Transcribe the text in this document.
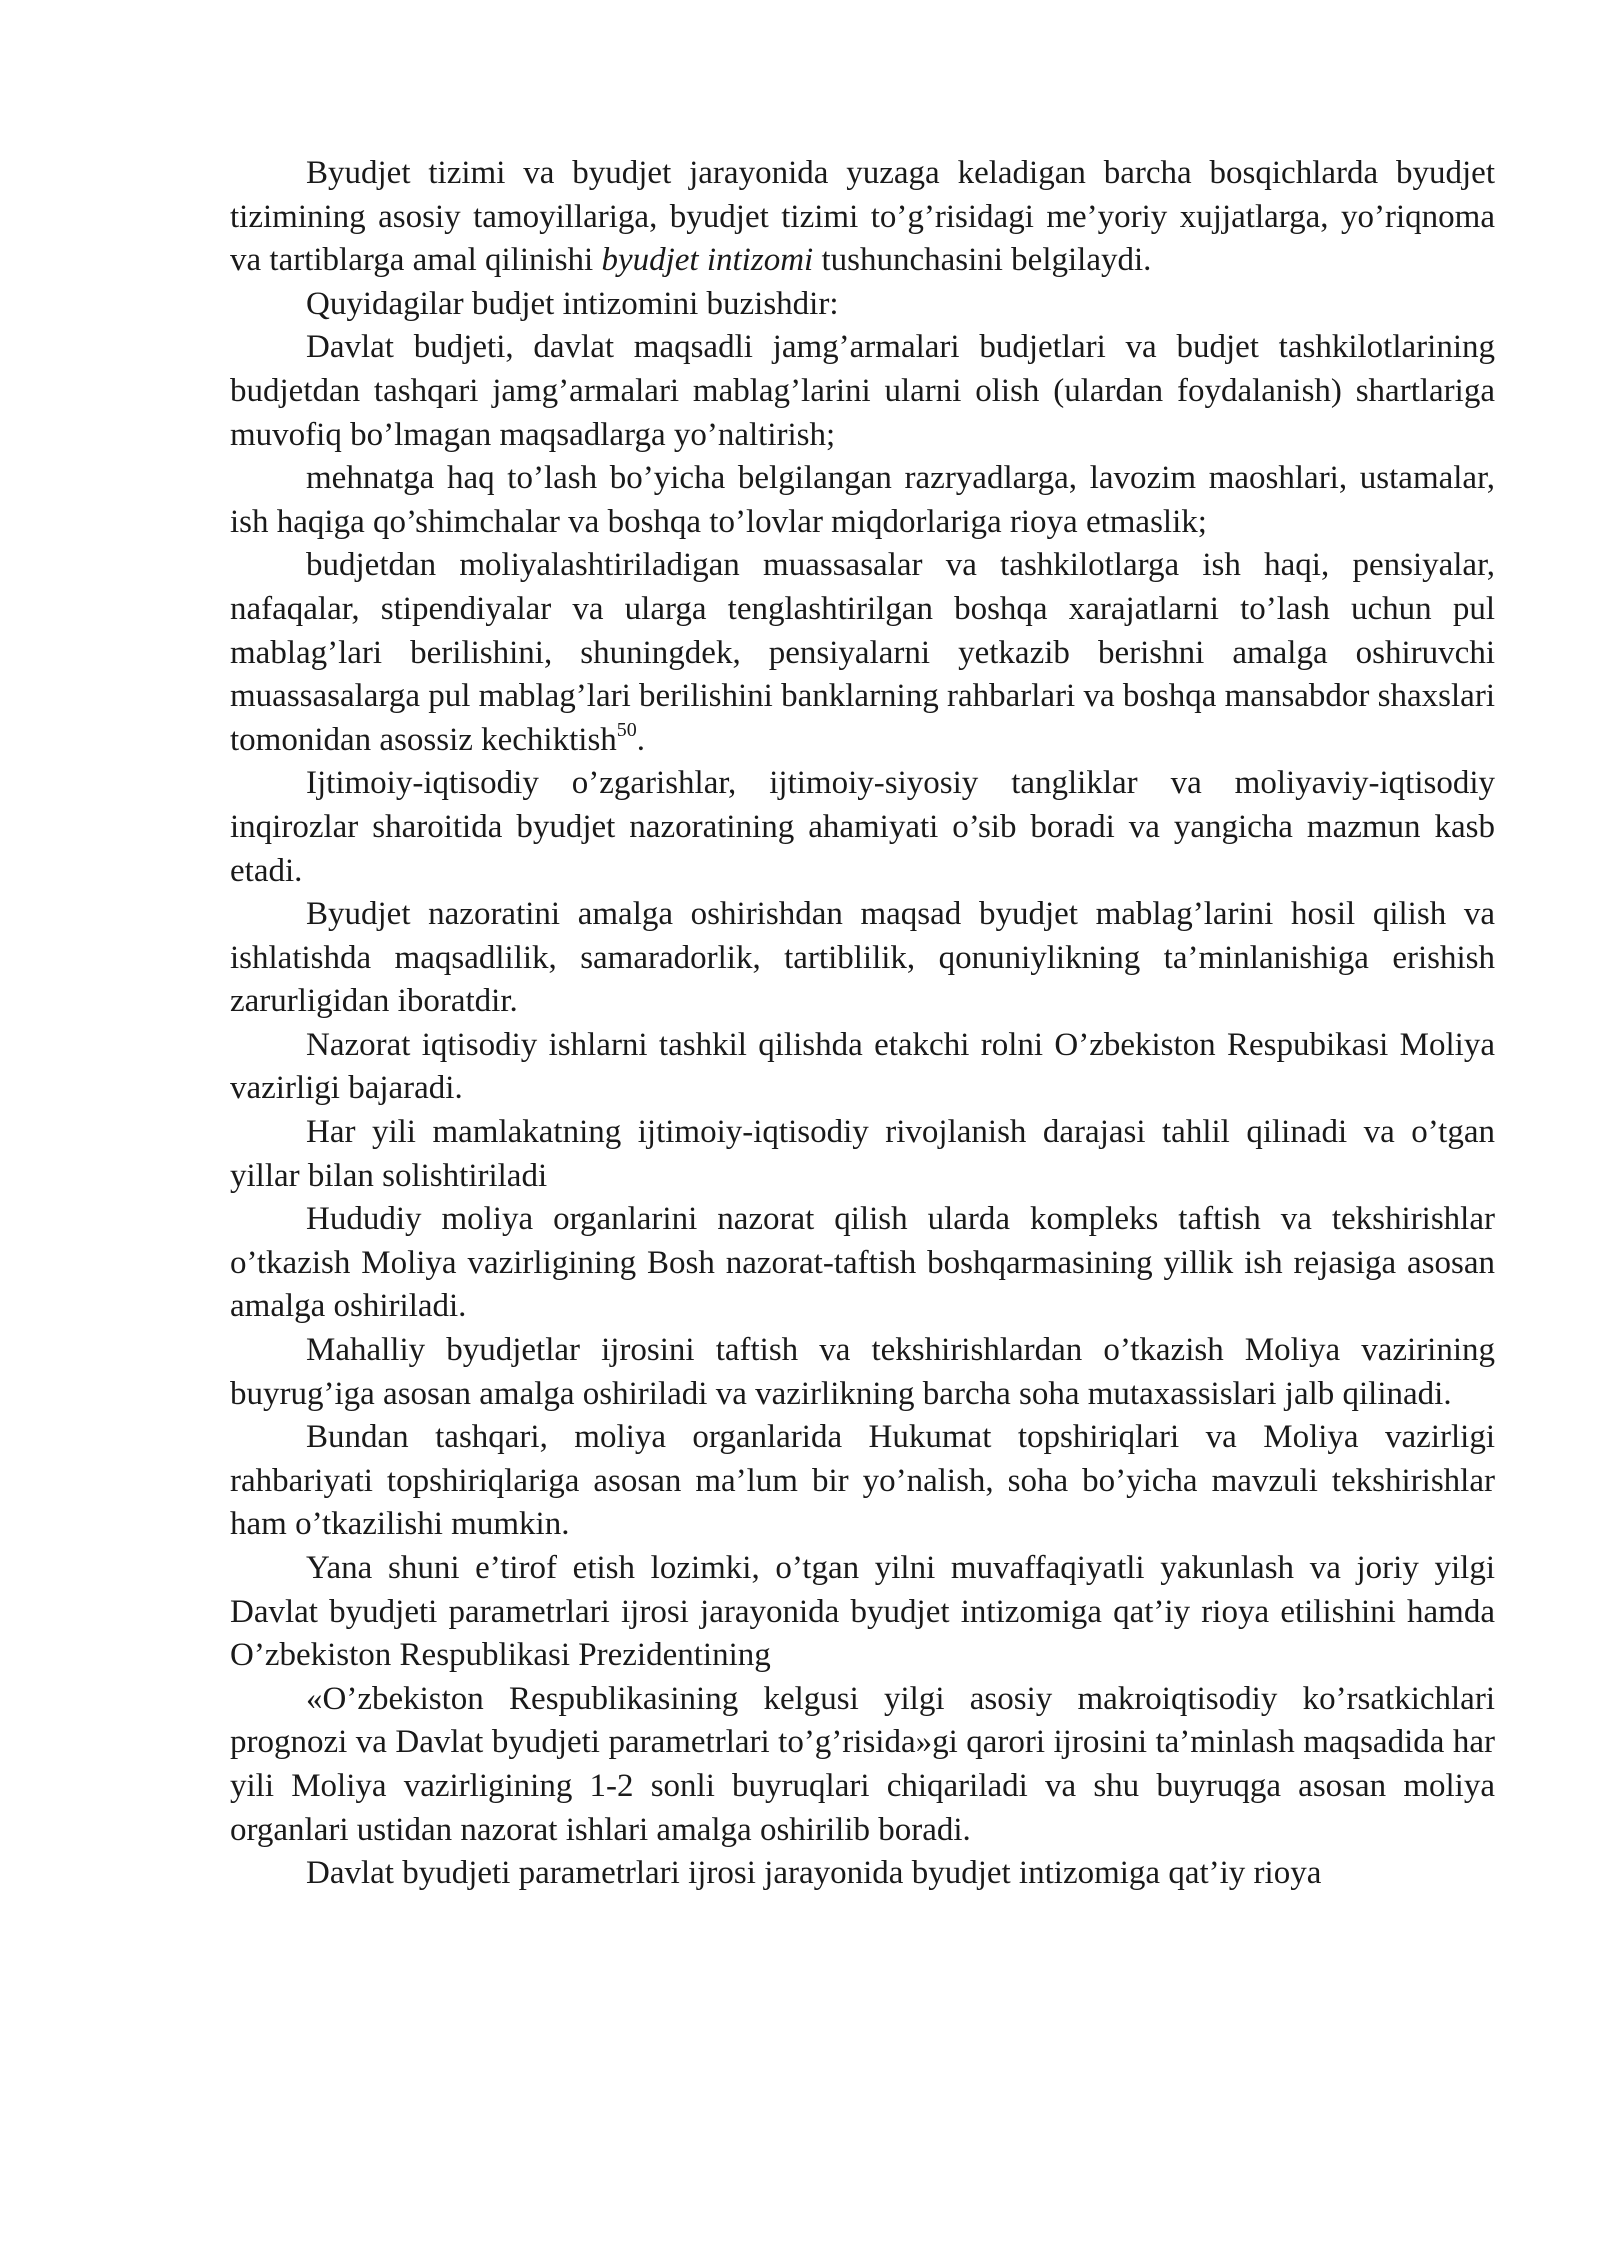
Byudjet tizimi va byudjet jarayonida yuzaga keladigan barcha bosqichlarda byudjet tizimining asosiy tamoyillariga, byudjet tizimi to’g’risidagi me’yoriy xujjatlarga, yo’riqnoma va tartiblarga amal qilinishi byudjet intizomi tushunchasini belgilaydi.

Quyidagilar budjet intizomini buzishdir:

Davlat budjeti, davlat maqsadli jamg’armalari budjetlari va budjet tashkilotlarining budjetdan tashqari jamg’armalari mablag’larini ularni olish (ulardan foydalanish) shartlariga muvofiq bo’lmagan maqsadlarga yo’naltirish;

mehnatga haq to’lash bo’yicha belgilangan razryadlarga, lavozim maoshlari, ustamalar, ish haqiga qo’shimchalar va boshqa to’lovlar miqdorlariga rioya etmaslik;

budjetdan moliyalashtiriladigan muassasalar va tashkilotlarga ish haqi, pensiyalar, nafaqalar, stipendiyalar va ularga tenglashtirilgan boshqa xarajatlarni to’lash uchun pul mablag’lari berilishini, shuningdek, pensiyalarni yetkazib berishni amalga oshiruvchi muassasalarga pul mablag’lari berilishini banklarning rahbarlari va boshqa mansabdor shaxslari tomonidan asossiz kechiktish$^{50}$.

Ijtimoiy-iqtisodiy o’zgarishlar, ijtimoiy-siyosiy tangliklar va moliyaviy-iqtisodiy inqirozlar sharoitida byudjet nazoratining ahamiyati o’sib boradi va yangicha mazmun kasb etadi.

Byudjet nazoratini amalga oshirishdan maqsad byudjet mablag’larini hosil qilish va ishlatishda maqsadlilik, samaradorlik, tartiblilik, qonuniylikning ta’minlanishiga erishish zarurligidan iboratdir.

Nazorat iqtisodiy ishlarni tashkil qilishda etakchi rolni O’zbekiston Respubikasi Moliya vazirligi bajaradi.

Har yili mamlakatning ijtimoiy-iqtisodiy rivojlanish darajasi tahlil qilinadi va o’tgan yillar bilan solishtiriladi

Hududiy moliya organlarini nazorat qilish ularda kompleks taftish va tekshirishlar o’tkazish Moliya vazirligining Bosh nazorat-taftish boshqarmasining yillik ish rejasiga asosan amalga oshiriladi.

Mahalliy byudjetlar ijrosini taftish va tekshirishlardan o’tkazish Moliya vazirining buyrug’iga asosan amalga oshiriladi va vazirlikning barcha soha mutaxassislari jalb qilinadi.

Bundan tashqari, moliya organlarida Hukumat topshiriqlari va Moliya vazirligi rahbariyati topshiriqlariga asosan ma’lum bir yo’nalish, soha bo’yicha mavzuli tekshirishlar ham o’tkazilishi mumkin.

Yana shuni e’tirof etish lozimki, o’tgan yilni muvaffaqiyatli yakunlash va joriy yilgi Davlat byudjeti parametrlari ijrosi jarayonida byudjet intizomiga qat’iy rioya etilishini hamda O’zbekiston Respublikasi Prezidentining

«O’zbekiston Respublikasining kelgusi yilgi asosiy makroiqtisodiy ko’rsatkichlari prognozi va Davlat byudjeti parametrlari to’g’risida»gi qarori ijrosini ta’minlash maqsadida har yili Moliya vazirligining 1-2 sonli buyruqlari chiqariladi va shu buyruqga asosan moliya organlari ustidan nazorat ishlari amalga oshirilib boradi.

Davlat byudjeti parametrlari ijrosi jarayonida byudjet intizomiga qat’iy rioya
